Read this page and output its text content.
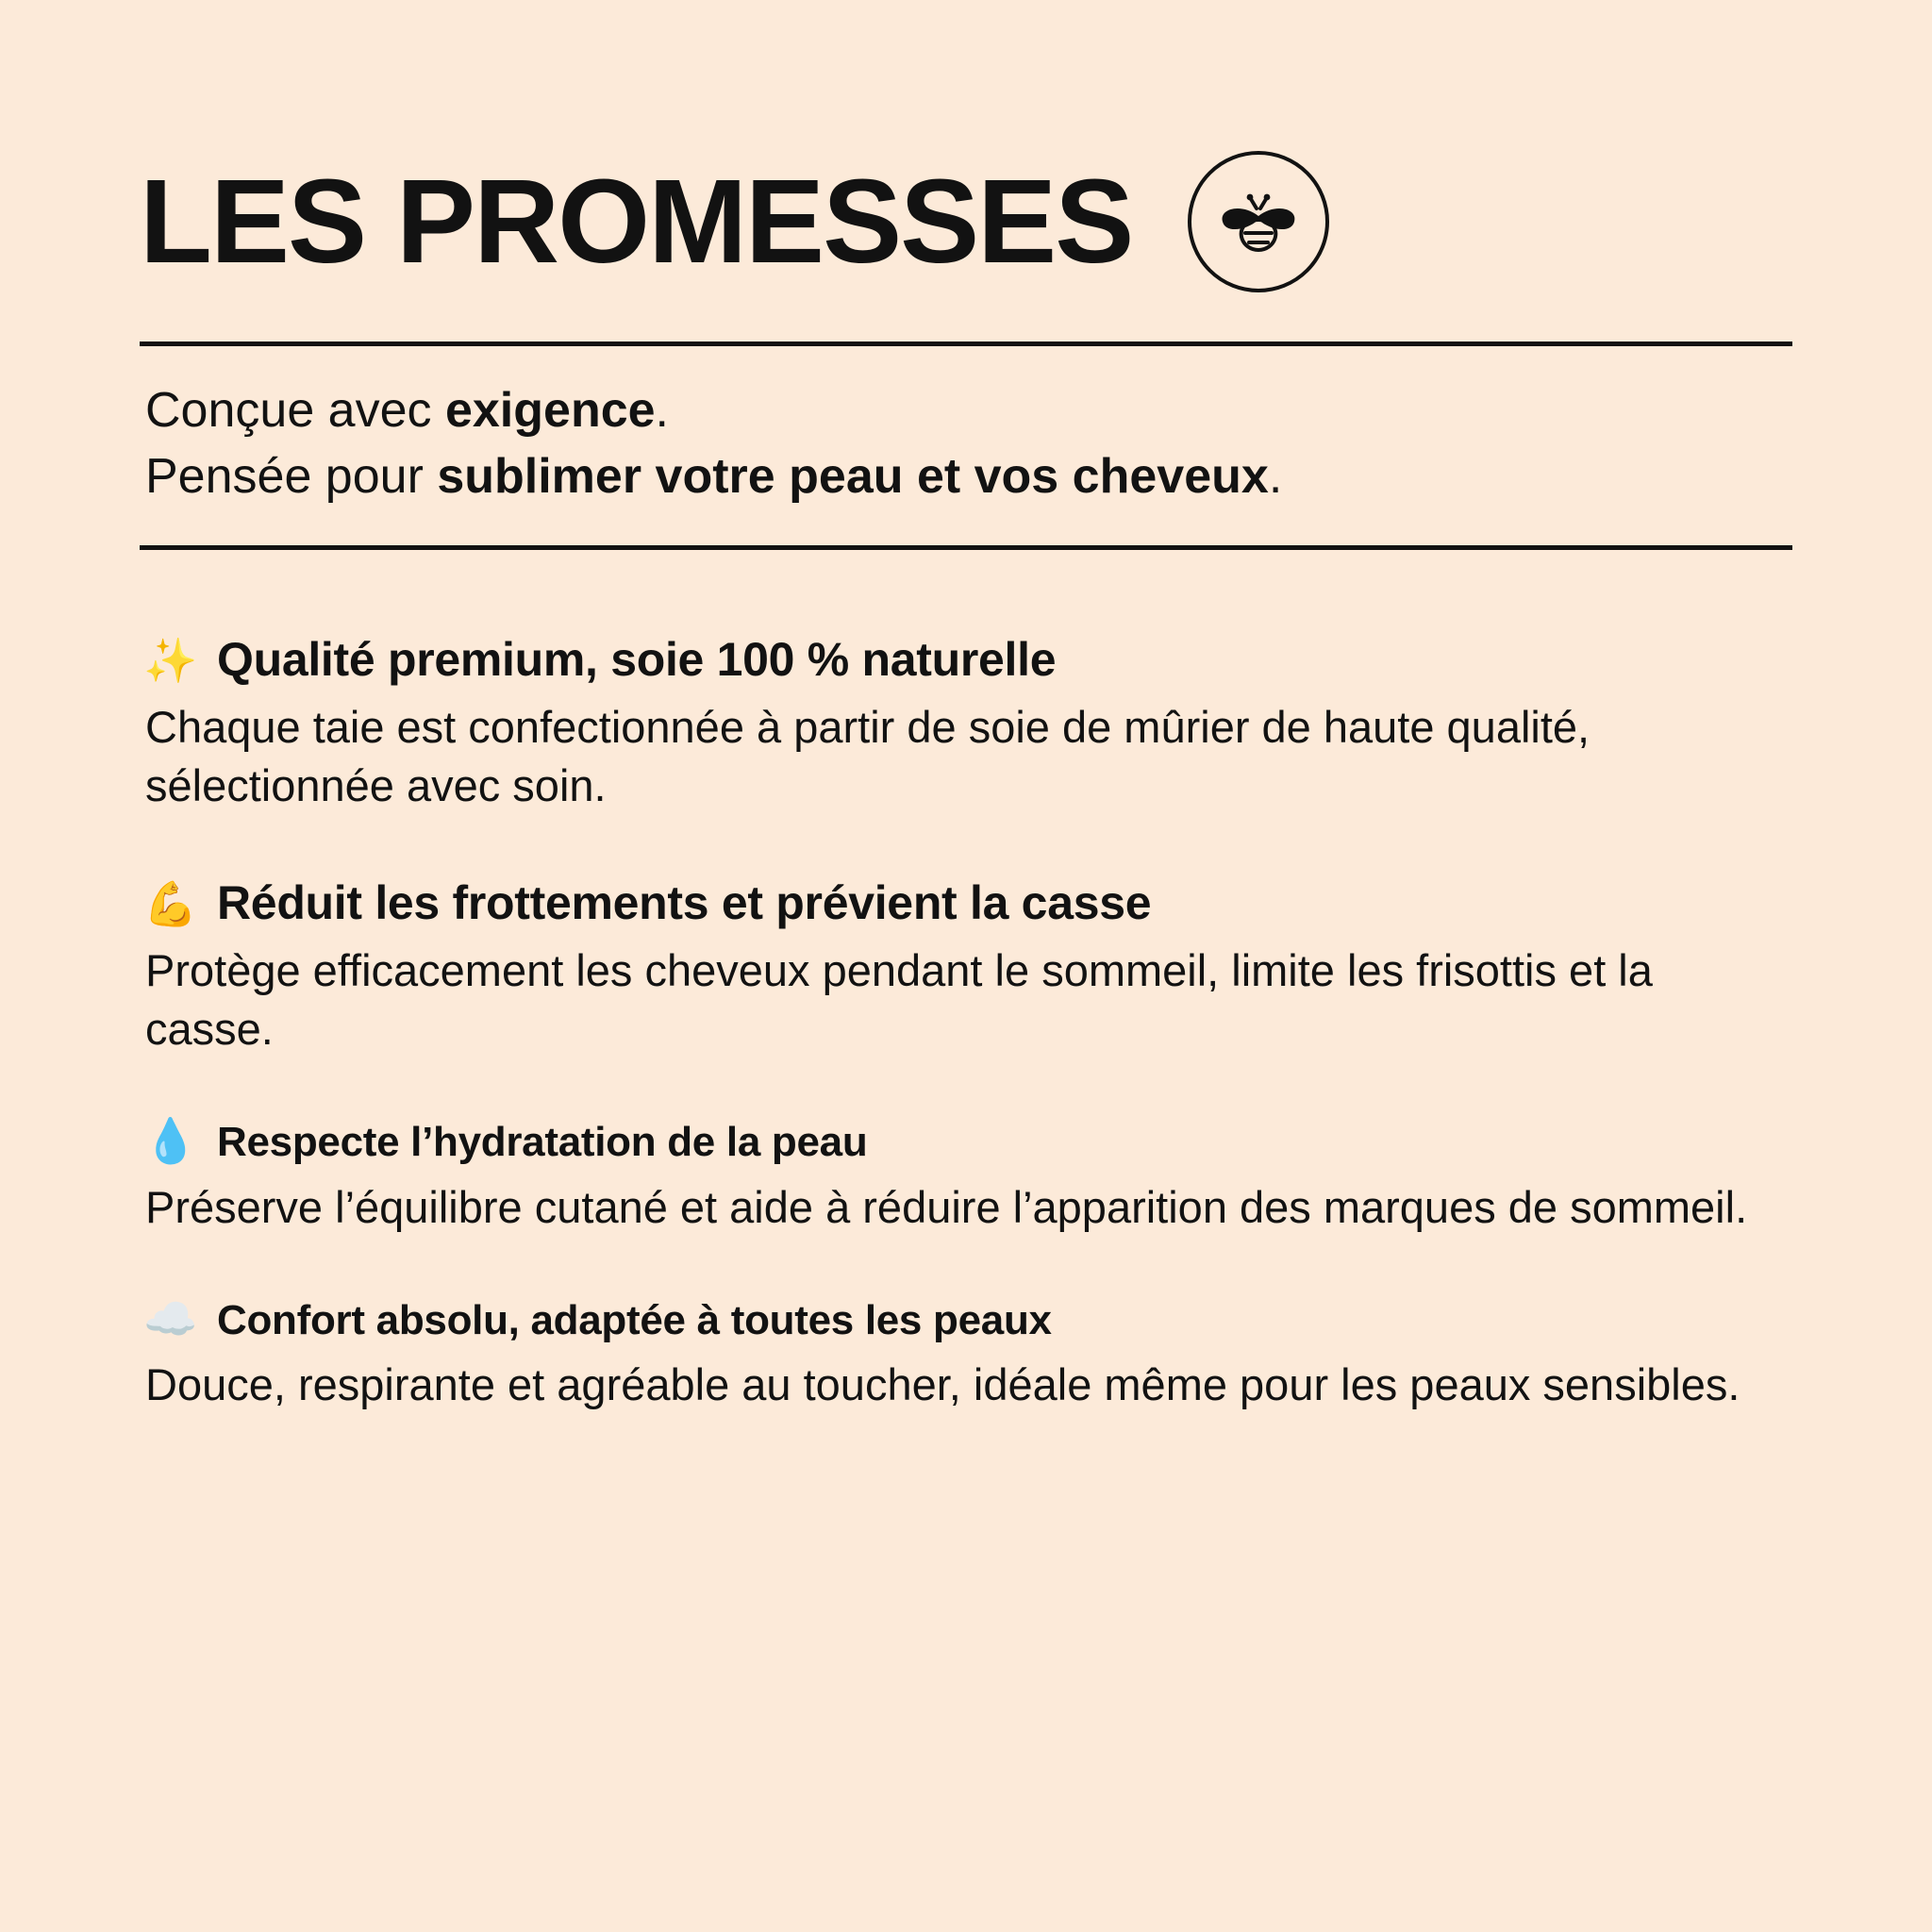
LES PROMESSES

Conçue avec exigence.

Pensée pour sublimer votre peau et vos cheveux.

✨ Qualité premium, soie 100 % naturelle
Chaque taie est confectionnée à partir de soie de mûrier de haute qualité, sélectionnée avec soin.
💪 Réduit les frottements et prévient la casse
Protège efficacement les cheveux pendant le sommeil, limite les frisottis et la casse.
💧 Respecte l’hydratation de la peau
Préserve l’équilibre cutané et aide à réduire l’apparition des marques de sommeil.
☁️ Confort absolu, adaptée à toutes les peaux
Douce, respirante et agréable au toucher, idéale même pour les peaux sensibles.
